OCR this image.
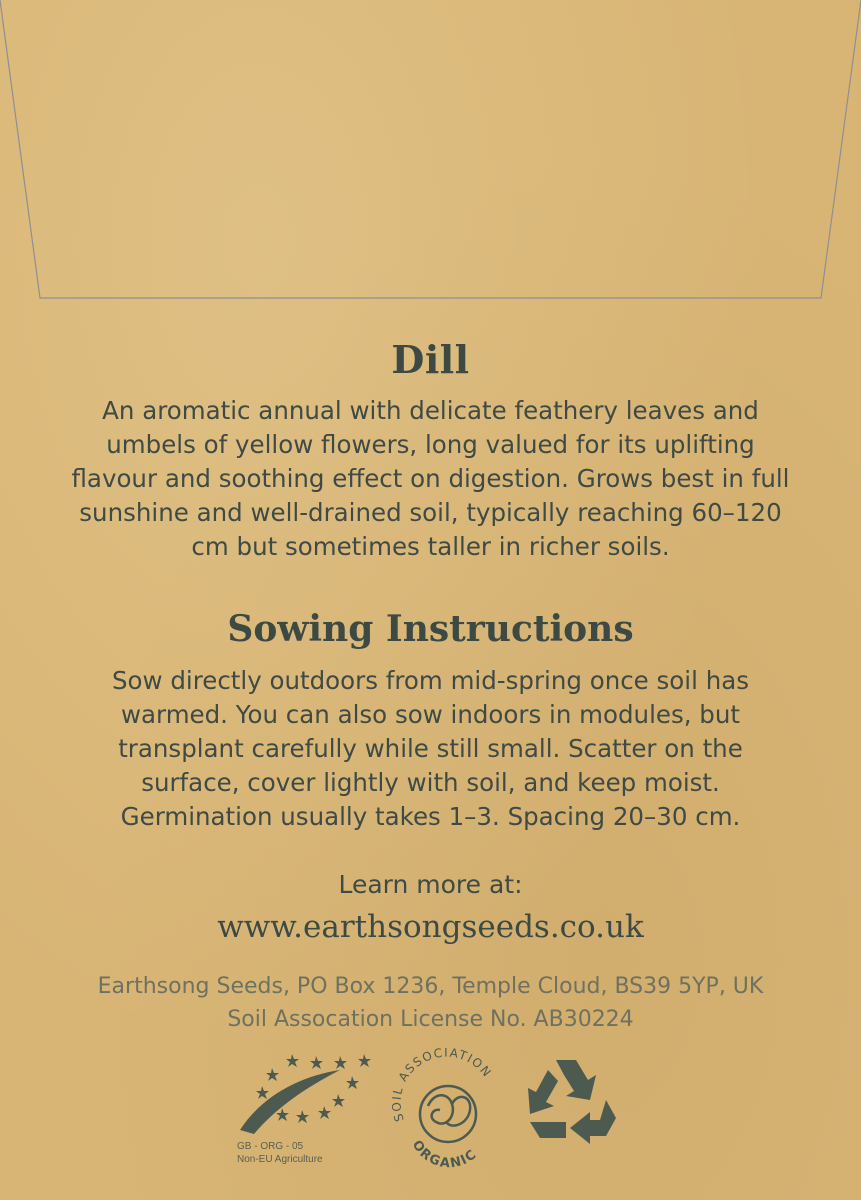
Dill

An aromatic annual with delicate feathery leaves and umbels of yellow flowers, long valued for its uplifting flavour and soothing effect on digestion. Grows best in full sunshine and well-drained soil, typically reaching 60–120 cm but sometimes taller in richer soils.

Sowing Instructions

Sow directly outdoors from mid-spring once soil has warmed. You can also sow indoors in modules, but transplant carefully while still small. Scatter on the surface, cover lightly with soil, and keep moist. Germination usually takes 1–3. Spacing 20–30 cm.

Learn more at:
www.earthsongseeds.co.uk
Earthsong Seeds, PO Box 1236, Temple Cloud, BS39 5YP, UK
Soil Assocation License No. AB30224
SOIL ASSOCIATION
ORGANIC
GB - ORG - 05
Non-EU Agriculture
